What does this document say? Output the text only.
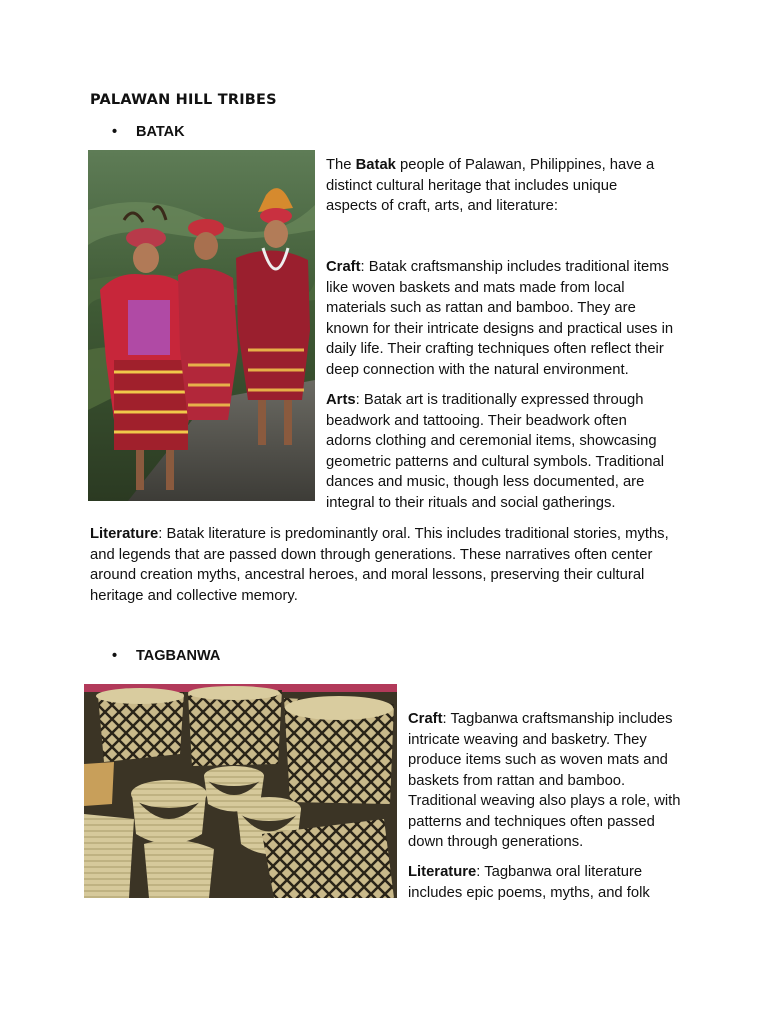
PALAWAN HILL TRIBES
• BATAK

The Batak people of Palawan, Philippines, have a distinct cultural heritage that includes unique aspects of craft, arts, and literature:

Craft: Batak craftsmanship includes traditional items like woven baskets and mats made from local materials such as rattan and bamboo. They are known for their intricate designs and practical uses in daily life. Their crafting techniques often reflect their deep connection with the natural environment.

Arts: Batak art is traditionally expressed through beadwork and tattooing. Their beadwork often adorns clothing and ceremonial items, showcasing geometric patterns and cultural symbols. Traditional dances and music, though less documented, are integral to their rituals and social gatherings.

Literature: Batak literature is predominantly oral. This includes traditional stories, myths, and legends that are passed down through generations. These narratives often center around creation myths, ancestral heroes, and moral lessons, preserving their cultural heritage and collective memory.

• TAGBANWA

Craft: Tagbanwa craftsmanship includes intricate weaving and basketry. They produce items such as woven mats and baskets from rattan and bamboo. Traditional weaving also plays a role, with patterns and techniques often passed down through generations.

Literature: Tagbanwa oral literature includes epic poems, myths, and folk
